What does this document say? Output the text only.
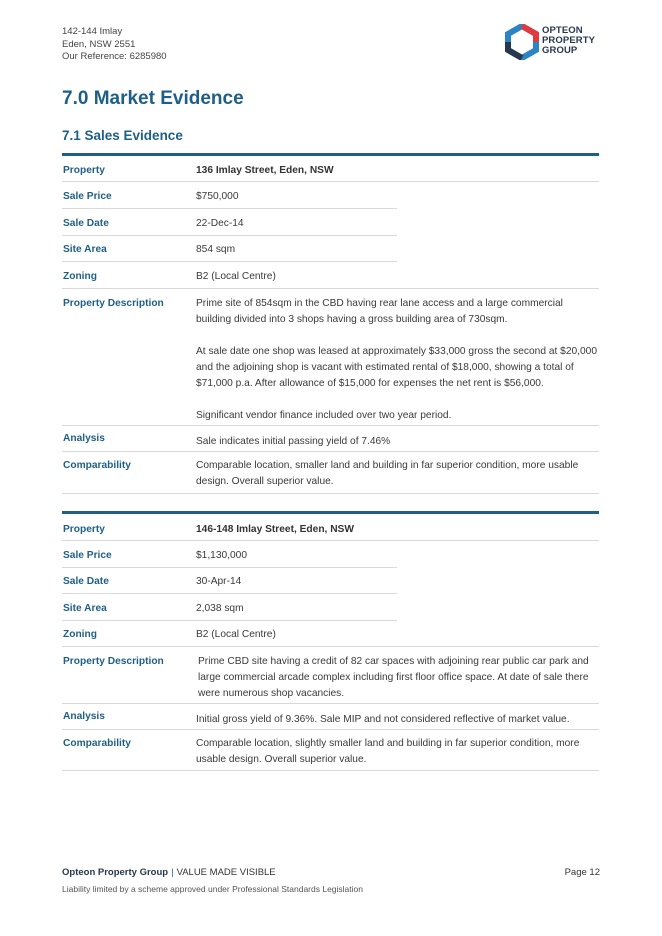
142-144 Imlay
Eden, NSW 2551
Our Reference: 6285980
OPTEON
PROPERTY
GROUP
7.0 Market Evidence
7.1 Sales Evidence
Property	136 Imlay Street, Eden, NSW
Sale Price	$750,000
Sale Date	22-Dec-14
Site Area	854 sqm
Zoning	B2 (Local Centre)
Property Description	Prime site of 854sqm in the CBD having rear lane access and a large commercial building divided into 3 shops having a gross building area of 730sqm.
At sale date one shop was leased at approximately $33,000 gross the second at $20,000 and the adjoining shop is vacant with estimated rental of $18,000, showing a total of $71,000 p.a. After allowance of $15,000 for expenses the net rent is $56,000.
Significant vendor finance included over two year period.
Analysis	Sale indicates initial passing yield of 7.46%
Comparability	Comparable location, smaller land and building in far superior condition, more usable design. Overall superior value.
Property	146-148 Imlay Street, Eden, NSW
Sale Price	$1,130,000
Sale Date	30-Apr-14
Site Area	2,038 sqm
Zoning	B2 (Local Centre)
Property Description	Prime CBD site having a credit of 82 car spaces with adjoining rear public car park and large commercial arcade complex including first floor office space. At date of sale there were numerous shop vacancies.
Analysis	Initial gross yield of 9.36%. Sale MIP and not considered reflective of market value.
Comparability	Comparable location, slightly smaller land and building in far superior condition, more usable design. Overall superior value.
Opteon Property Group | VALUE MADE VISIBLE	Page 12
Liability limited by a scheme approved under Professional Standards Legislation
